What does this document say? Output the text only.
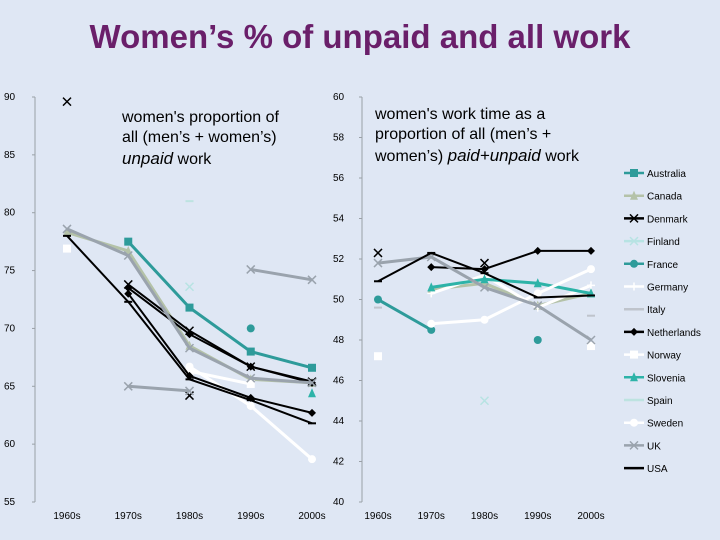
Women’s % of unpaid and all work
55
60
65
70
75
80
85
90
1960s	1970s	1980s	1990s	2000s
40
42
44
46
48
50
52
54
56
58
60
1960s	1970s	1980s	1990s	2000s
Australia
Canada
Denmark
Finland
France
Germany
Italy
Netherlands
Norway
Slovenia
Spain
Sweden
UK
USA
women's proportion of all (men’s + women’s) unpaid work
women's work time as a proportion of all (men’s + women’s) paid+unpaid work
